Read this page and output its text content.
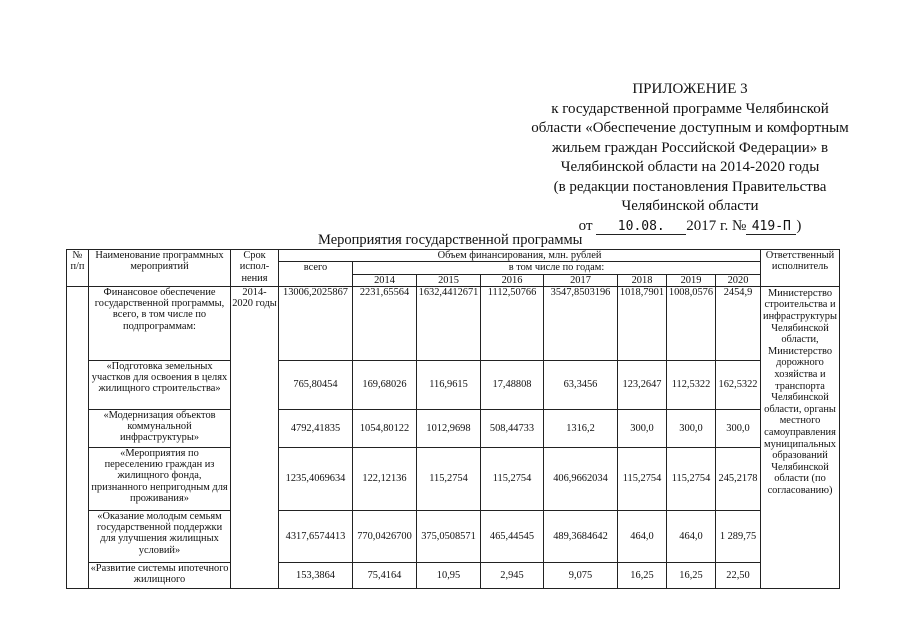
ПРИЛОЖЕНИЕ 3
к государственной программе Челябинской
области «Обеспечение доступным и комфортным
жильем граждан Российской Федерации» в
Челябинской области на 2014-2020 годы
(в редакции постановления Правительства
Челябинской области
от 10.08. 2017 г. № 419-П )
Мероприятия государственной программы
№ п/п	Наименование программных мероприятий	Срок испол-нения	Объем финансирования, млн. рублей								Ответственный исполнитель
			всего	в том числе по годам:							
				2014	2015	2016	2017	2018	2019	2020	
	Финансовое обеспечение государственной программы, всего, в том числе по подпрограммам:	2014-2020 годы	13006,2025867	2231,65564	1632,4412671	1112,50766	3547,8503196	1018,7901	1008,0576	2454,9	Министерство строительства и инфраструктуры Челябинской области, Министерство дорожного хозяйства и транспорта Челябинской области, органы местного самоуправления муниципальных образований Челябинской области (по согласованию)
	«Подготовка земельных участков для освоения в целях жилищного строительства»		765,80454	169,68026	116,9615	17,48808	63,3456	123,2647	112,5322	162,5322	
	«Модернизация объектов коммунальной инфраструктуры»		4792,41835	1054,80122	1012,9698	508,44733	1316,2	300,0	300,0	300,0	
	«Мероприятия по переселению граждан из жилищного фонда, признанного непригодным для проживания»		1235,4069634	122,12136	115,2754	115,2754	406,9662034	115,2754	115,2754	245,2178	
	«Оказание молодым семьям государственной поддержки для улучшения жилищных условий»		4317,6574413	770,0426700	375,0508571	465,44545	489,3684642	464,0	464,0	1 289,75	
	«Развитие системы ипотечного жилищного		153,3864	75,4164	10,95	2,945	9,075	16,25	16,25	22,50	
